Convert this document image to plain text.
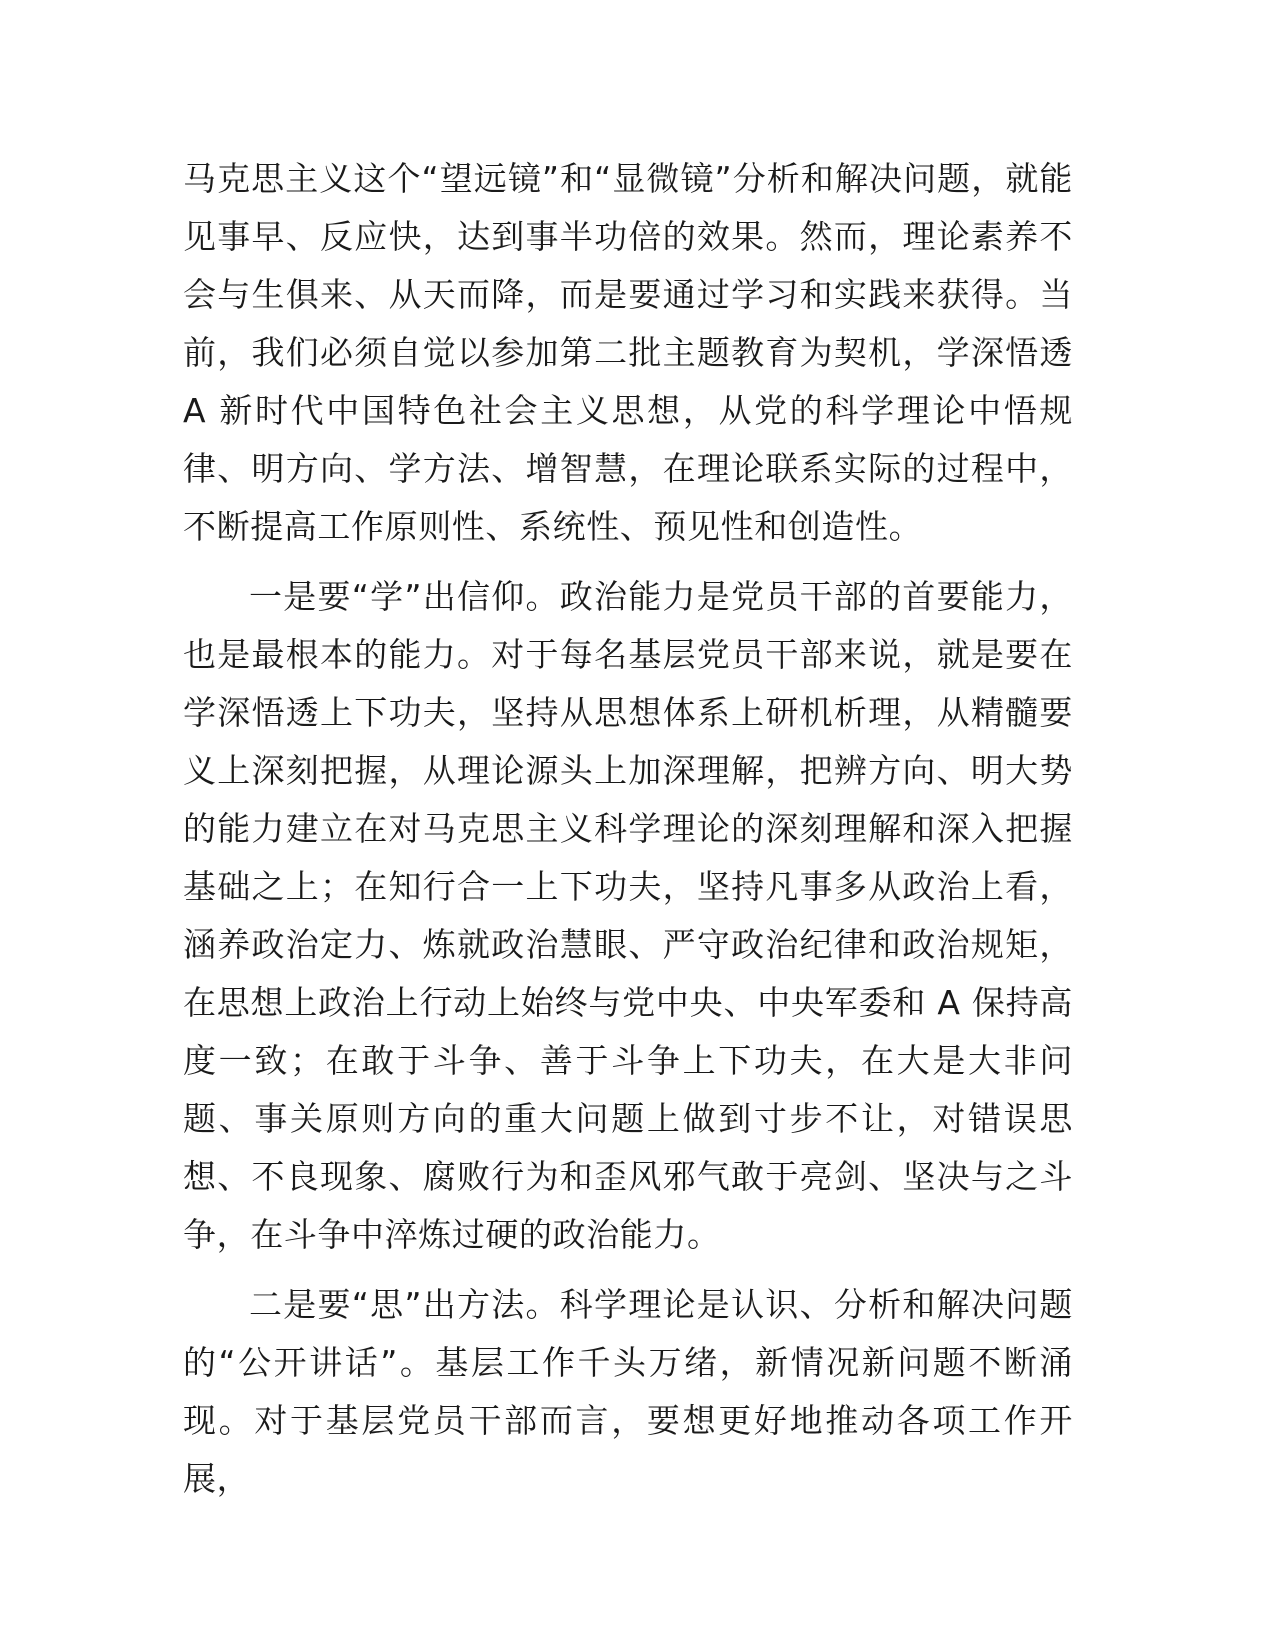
马克思主义这个“望远镜”和“显微镜”分析和解决问题，就能见事早、反应快，达到事半功倍的效果。然而，理论素养不会与生俱来、从天而降，而是要通过学习和实践来获得。当前，我们必须自觉以参加第二批主题教育为契机，学深悟透 A 新时代中国特色社会主义思想，从党的科学理论中悟规律、明方向、学方法、增智慧，在理论联系实际的过程中，不断提高工作原则性、系统性、预见性和创造性。

一是要“学”出信仰。政治能力是党员干部的首要能力，也是最根本的能力。对于每名基层党员干部来说，就是要在学深悟透上下功夫，坚持从思想体系上研机析理，从精髓要义上深刻把握，从理论源头上加深理解，把辨方向、明大势的能力建立在对马克思主义科学理论的深刻理解和深入把握基础之上；在知行合一上下功夫，坚持凡事多从政治上看，涵养政治定力、炼就政治慧眼、严守政治纪律和政治规矩，在思想上政治上行动上始终与党中央、中央军委和 A 保持高度一致；在敢于斗争、善于斗争上下功夫，在大是大非问题、事关原则方向的重大问题上做到寸步不让，对错误思想、不良现象、腐败行为和歪风邪气敢于亮剑、坚决与之斗争，在斗争中淬炼过硬的政治能力。

二是要“思”出方法。科学理论是认识、分析和解决问题的“公开讲话”。基层工作千头万绪，新情况新问题不断涌现。对于基层党员干部而言，要想更好地推动各项工作开展，
